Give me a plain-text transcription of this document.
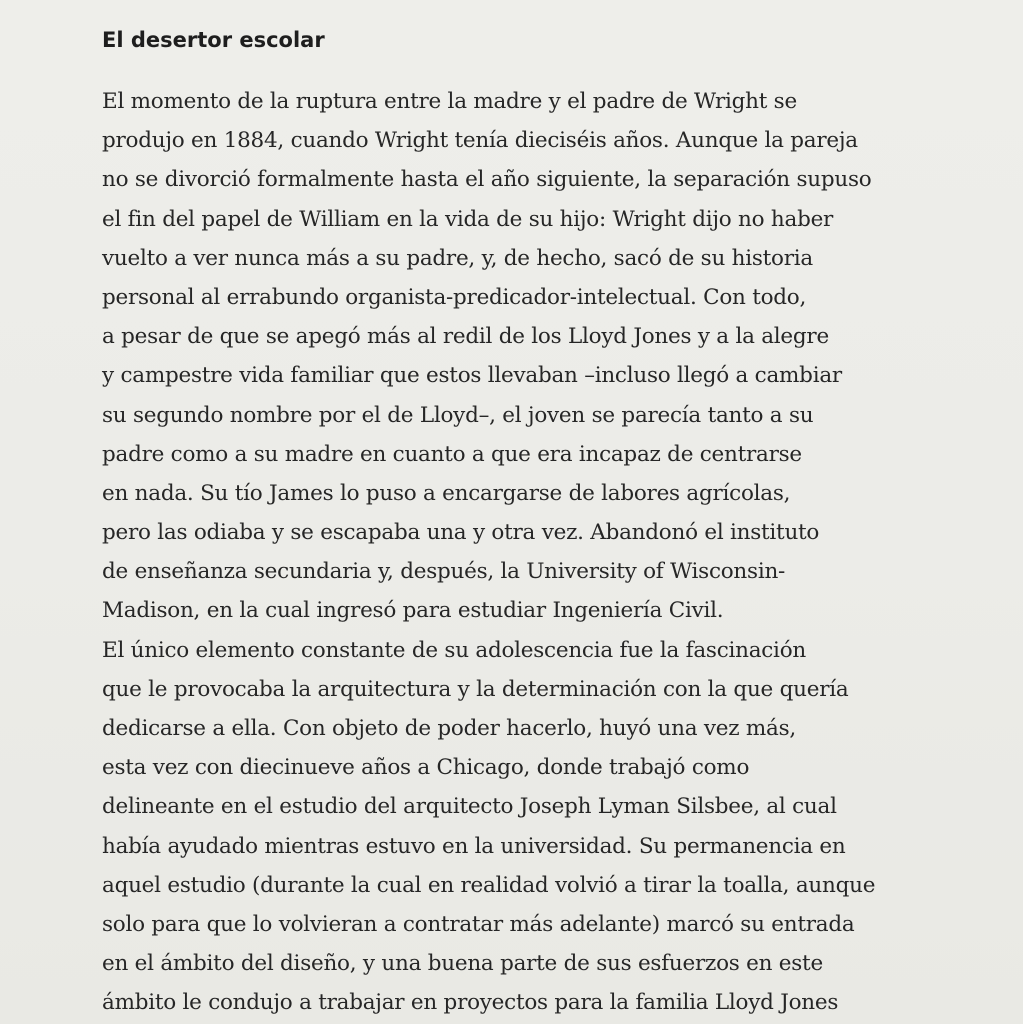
El desertor escolar
El momento de la ruptura entre la madre y el padre de Wright se
produjo en 1884, cuando Wright tenía dieciséis años. Aunque la pareja
no se divorció formalmente hasta el año siguiente, la separación supuso
el fin del papel de William en la vida de su hijo: Wright dijo no haber
vuelto a ver nunca más a su padre, y, de hecho, sacó de su historia
personal al errabundo organista-predicador-intelectual. Con todo,
a pesar de que se apegó más al redil de los Lloyd Jones y a la alegre
y campestre vida familiar que estos llevaban –incluso llegó a cambiar
su segundo nombre por el de Lloyd–, el joven se parecía tanto a su
padre como a su madre en cuanto a que era incapaz de centrarse
en nada. Su tío James lo puso a encargarse de labores agrícolas,
pero las odiaba y se escapaba una y otra vez. Abandonó el instituto
de enseñanza secundaria y, después, la University of Wisconsin-
Madison, en la cual ingresó para estudiar Ingeniería Civil.
El único elemento constante de su adolescencia fue la fascinación
que le provocaba la arquitectura y la determinación con la que quería
dedicarse a ella. Con objeto de poder hacerlo, huyó una vez más,
esta vez con diecinueve años a Chicago, donde trabajó como
delineante en el estudio del arquitecto Joseph Lyman Silsbee, al cual
había ayudado mientras estuvo en la universidad. Su permanencia en
aquel estudio (durante la cual en realidad volvió a tirar la toalla, aunque
solo para que lo volvieran a contratar más adelante) marcó su entrada
en el ámbito del diseño, y una buena parte de sus esfuerzos en este
ámbito le condujo a trabajar en proyectos para la familia Lloyd Jones
